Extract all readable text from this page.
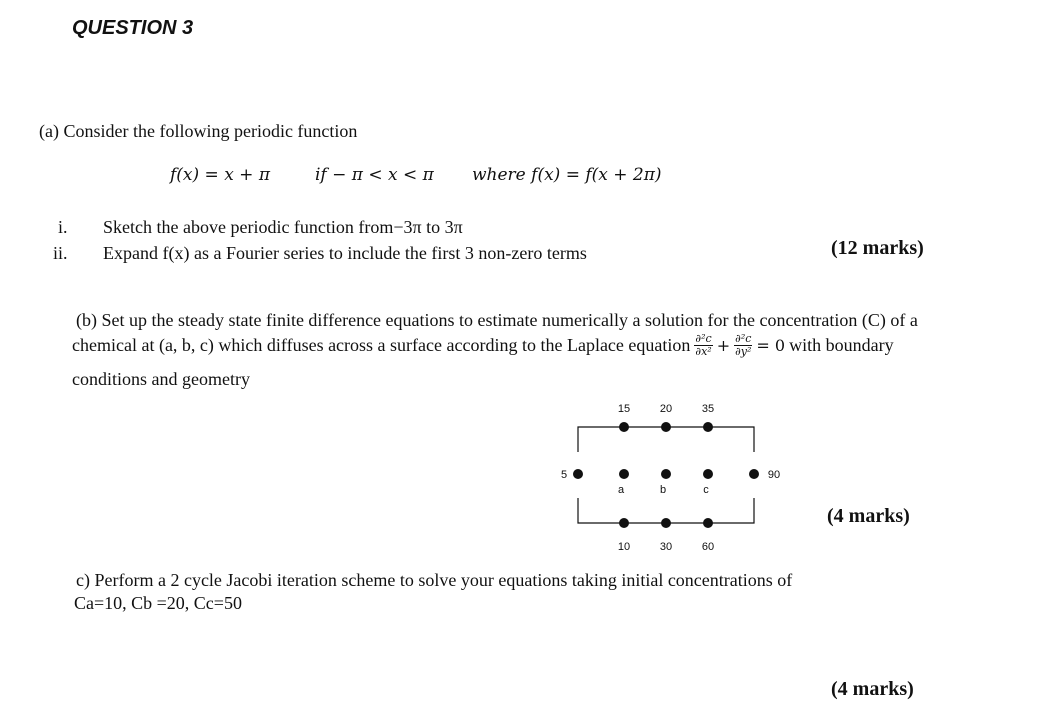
QUESTION 3
(a) Consider the following periodic function
f(x) = x + π	if − π < x < π where f(x) = f(x + 2π)
i. Sketch the above periodic function from−3π to 3π
ii. Expand f(x) as a Fourier series to include the first 3 non-zero terms	(12 marks)
(b) Set up the steady state finite difference equations to estimate numerically a solution for the concentration (C) of a
chemical at (a, b, c) which diffuses across a surface according to the Laplace equation $\frac{\text{∂²c}}{\text{∂x²}} + \frac{\text{∂²c}}{\text{∂y²}} = 0$ with boundary
conditions and geometry
15	20	35
5	90
a	b	c
10	30	60
(4 marks)
c) Perform a 2 cycle Jacobi iteration scheme to solve your equations taking initial concentrations of
Ca=10, Cb =20, Cc=50
(4 marks)
